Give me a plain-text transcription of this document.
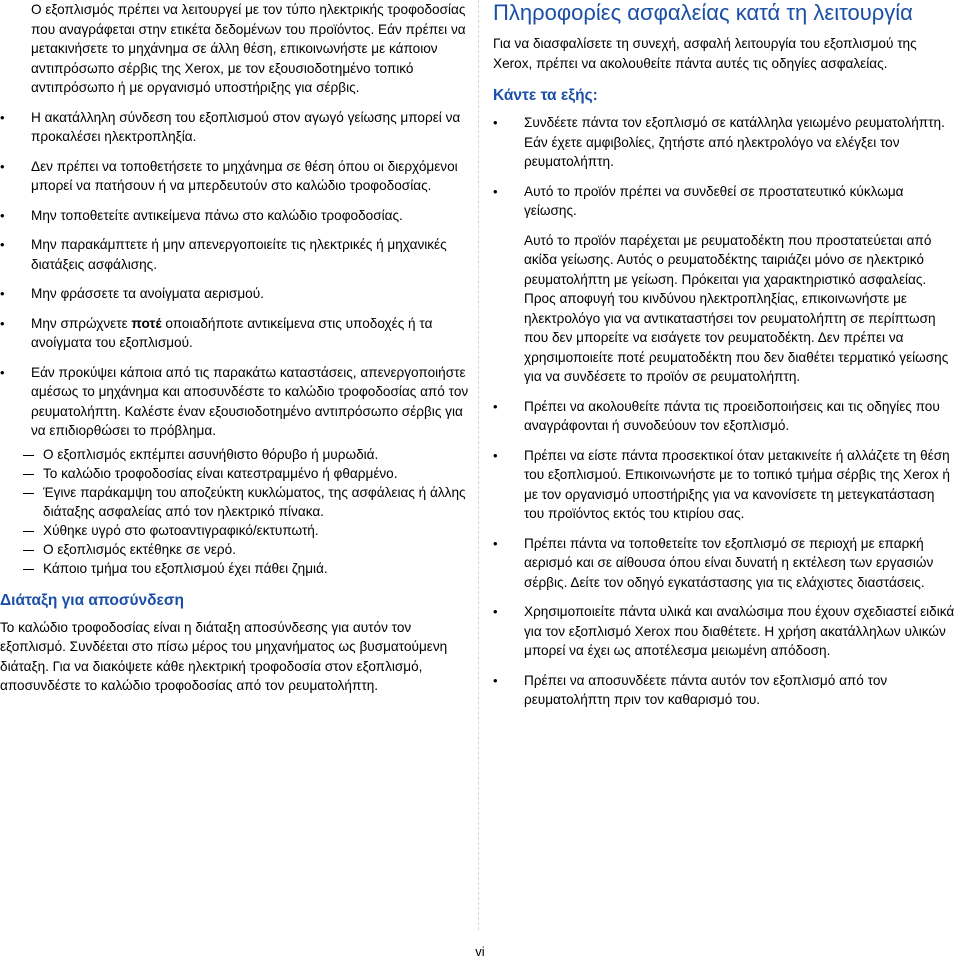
Ο εξοπλισμός πρέπει να λειτουργεί με τον τύπο ηλεκτρικής τροφοδοσίας που αναγράφεται στην ετικέτα δεδομένων του προϊόντος. Εάν πρέπει να μετακινήσετε το μηχάνημα σε άλλη θέση, επικοινωνήστε με κάποιον αντιπρόσωπο σέρβις της Xerox, με τον εξουσιοδοτημένο τοπικό αντιπρόσωπο ή με οργανισμό υποστήριξης για σέρβις.
• Η ακατάλληλη σύνδεση του εξοπλισμού στον αγωγό γείωσης μπορεί να προκαλέσει ηλεκτροπληξία.
• Δεν πρέπει να τοποθετήσετε το μηχάνημα σε θέση όπου οι διερχόμενοι μπορεί να πατήσουν ή να μπερδευτούν στο καλώδιο τροφοδοσίας.
• Μην τοποθετείτε αντικείμενα πάνω στο καλώδιο τροφοδοσίας.
• Μην παρακάμπτετε ή μην απενεργοποιείτε τις ηλεκτρικές ή μηχανικές διατάξεις ασφάλισης.
• Μην φράσσετε τα ανοίγματα αερισμού.
• Μην σπρώχνετε ποτέ οποιαδήποτε αντικείμενα στις υποδοχές ή τα ανοίγματα του εξοπλισμού.
• Εάν προκύψει κάποια από τις παρακάτω καταστάσεις, απενεργοποιήστε αμέσως το μηχάνημα και αποσυνδέστε το καλώδιο τροφοδοσίας από τον ρευματολήπτη. Καλέστε έναν εξουσιοδοτημένο αντιπρόσωπο σέρβις για να επιδιορθώσει το πρόβλημα.
Ο εξοπλισμός εκπέμπει ασυνήθιστο θόρυβο ή μυρωδιά.
Το καλώδιο τροφοδοσίας είναι κατεστραμμένο ή φθαρμένο.
Έγινε παράκαμψη του αποζεύκτη κυκλώματος, της ασφάλειας ή άλλης διάταξης ασφαλείας από τον ηλεκτρικό πίνακα.
Χύθηκε υγρό στο φωτοαντιγραφικό/εκτυπωτή.
Ο εξοπλισμός εκτέθηκε σε νερό.
Κάποιο τμήμα του εξοπλισμού έχει πάθει ζημιά.
Διάταξη για αποσύνδεση
Το καλώδιο τροφοδοσίας είναι η διάταξη αποσύνδεσης για αυτόν τον εξοπλισμό. Συνδέεται στο πίσω μέρος του μηχανήματος ως βυσματούμενη διάταξη. Για να διακόψετε κάθε ηλεκτρική τροφοδοσία στον εξοπλισμό, αποσυνδέστε το καλώδιο τροφοδοσίας από τον ρευματολήπτη.
Πληροφορίες ασφαλείας κατά τη λειτουργία
Για να διασφαλίσετε τη συνεχή, ασφαλή λειτουργία του εξοπλισμού της Xerox, πρέπει να ακολουθείτε πάντα αυτές τις οδηγίες ασφαλείας.
Κάντε τα εξής:
• Συνδέετε πάντα τον εξοπλισμό σε κατάλληλα γειωμένο ρευματολήπτη. Εάν έχετε αμφιβολίες, ζητήστε από ηλεκτρολόγο να ελέγξει τον ρευματολήπτη.
• Αυτό το προϊόν πρέπει να συνδεθεί σε προστατευτικό κύκλωμα γείωσης.
Αυτό το προϊόν παρέχεται με ρευματοδέκτη που προστατεύεται από ακίδα γείωσης. Αυτός ο ρευματοδέκτης ταιριάζει μόνο σε ηλεκτρικό ρευματολήπτη με γείωση. Πρόκειται για χαρακτηριστικό ασφαλείας. Προς αποφυγή του κινδύνου ηλεκτροπληξίας, επικοινωνήστε με ηλεκτρολόγο για να αντικαταστήσει τον ρευματολήπτη σε περίπτωση που δεν μπορείτε να εισάγετε τον ρευματοδέκτη. Δεν πρέπει να χρησιμοποιείτε ποτέ ρευματοδέκτη που δεν διαθέτει τερματικό γείωσης για να συνδέσετε το προϊόν σε ρευματολήπτη.
• Πρέπει να ακολουθείτε πάντα τις προειδοποιήσεις και τις οδηγίες που αναγράφονται ή συνοδεύουν τον εξοπλισμό.
• Πρέπει να είστε πάντα προσεκτικοί όταν μετακινείτε ή αλλάζετε τη θέση του εξοπλισμού. Επικοινωνήστε με το τοπικό τμήμα σέρβις της Xerox ή με τον οργανισμό υποστήριξης για να κανονίσετε τη μετεγκατάσταση του προϊόντος εκτός του κτιρίου σας.
• Πρέπει πάντα να τοποθετείτε τον εξοπλισμό σε περιοχή με επαρκή αερισμό και σε αίθουσα όπου είναι δυνατή η εκτέλεση των εργασιών σέρβις. Δείτε τον οδηγό εγκατάστασης για τις ελάχιστες διαστάσεις.
• Χρησιμοποιείτε πάντα υλικά και αναλώσιμα που έχουν σχεδιαστεί ειδικά για τον εξοπλισμό Xerox που διαθέτετε. Η χρήση ακατάλληλων υλικών μπορεί να έχει ως αποτέλεσμα μειωμένη απόδοση.
• Πρέπει να αποσυνδέετε πάντα αυτόν τον εξοπλισμό από τον ρευματολήπτη πριν τον καθαρισμό του.
vi
